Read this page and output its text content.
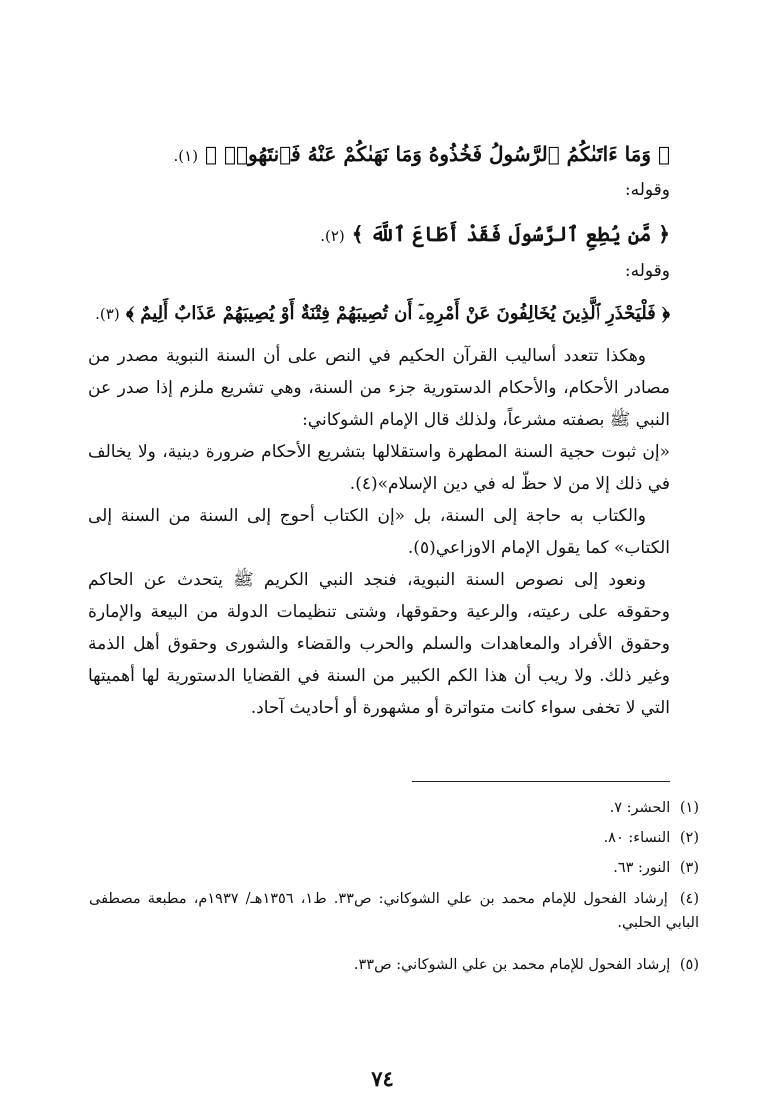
﴿ وَمَا ءَاتَىٰكُمُ ٱلرَّسُولُ فَخُذُوهُ وَمَا نَهَىٰكُمْ عَنْهُ فَٱنتَهُوا۟ ﴾ (١).
وقوله:
﴿ مَّن يُطِعِ ٱلرَّسُولَ فَقَدْ أَطَاعَ ٱللَّهَ ﴾ (٢).
وقوله:
﴿ فَلْيَحْذَرِ ٱلَّذِينَ يُخَالِفُونَ عَنْ أَمْرِهِۦٓ أَن تُصِيبَهُمْ فِتْنَةٌ أَوْ يُصِيبَهُمْ عَذَابٌ أَلِيمٌ ﴾ (٣).

وهكذا تتعدد أساليب القرآن الحكيم في النص على أن السنة النبوية مصدر من مصادر الأحكام، والأحكام الدستورية جزء من السنة، وهي تشريع ملزم إذا صدر عن النبي ﷺ بصفته مشرعاً، ولذلك قال الإمام الشوكاني:

«إن ثبوت حجية السنة المطهرة واستقلالها بتشريع الأحكام ضرورة دينية، ولا يخالف في ذلك إلا من لا حظّ له في دين الإسلام»(٤).

والكتاب به حاجة إلى السنة، بل «إن الكتاب أحوج إلى السنة من السنة إلى الكتاب» كما يقول الإمام الاوزاعي(٥).

ونعود إلى نصوص السنة النبوية، فنجد النبي الكريم ﷺ يتحدث عن الحاكم وحقوقه على رعيته، والرعية وحقوقها، وشتى تنظيمات الدولة من البيعة والإمارة وحقوق الأفراد والمعاهدات والسلم والحرب والقضاء والشورى وحقوق أهل الذمة وغير ذلك. ولا ريب أن هذا الكم الكبير من السنة في القضايا الدستورية لها أهميتها التي لا تخفى سواء كانت متواترة أو مشهورة أو أحاديث آحاد.

(١) الحشر: ٧.
(٢) النساء: ٨٠.
(٣) النور: ٦٣.
(٤) إرشاد الفحول للإمام محمد بن علي الشوكاني: ص٣٣. ط١، ١٣٥٦هـ/ ١٩٣٧م، مطبعة مصطفى البابي الحلبي.
(٥) إرشاد الفحول للإمام محمد بن علي الشوكاني: ص٣٣.
٧٤
